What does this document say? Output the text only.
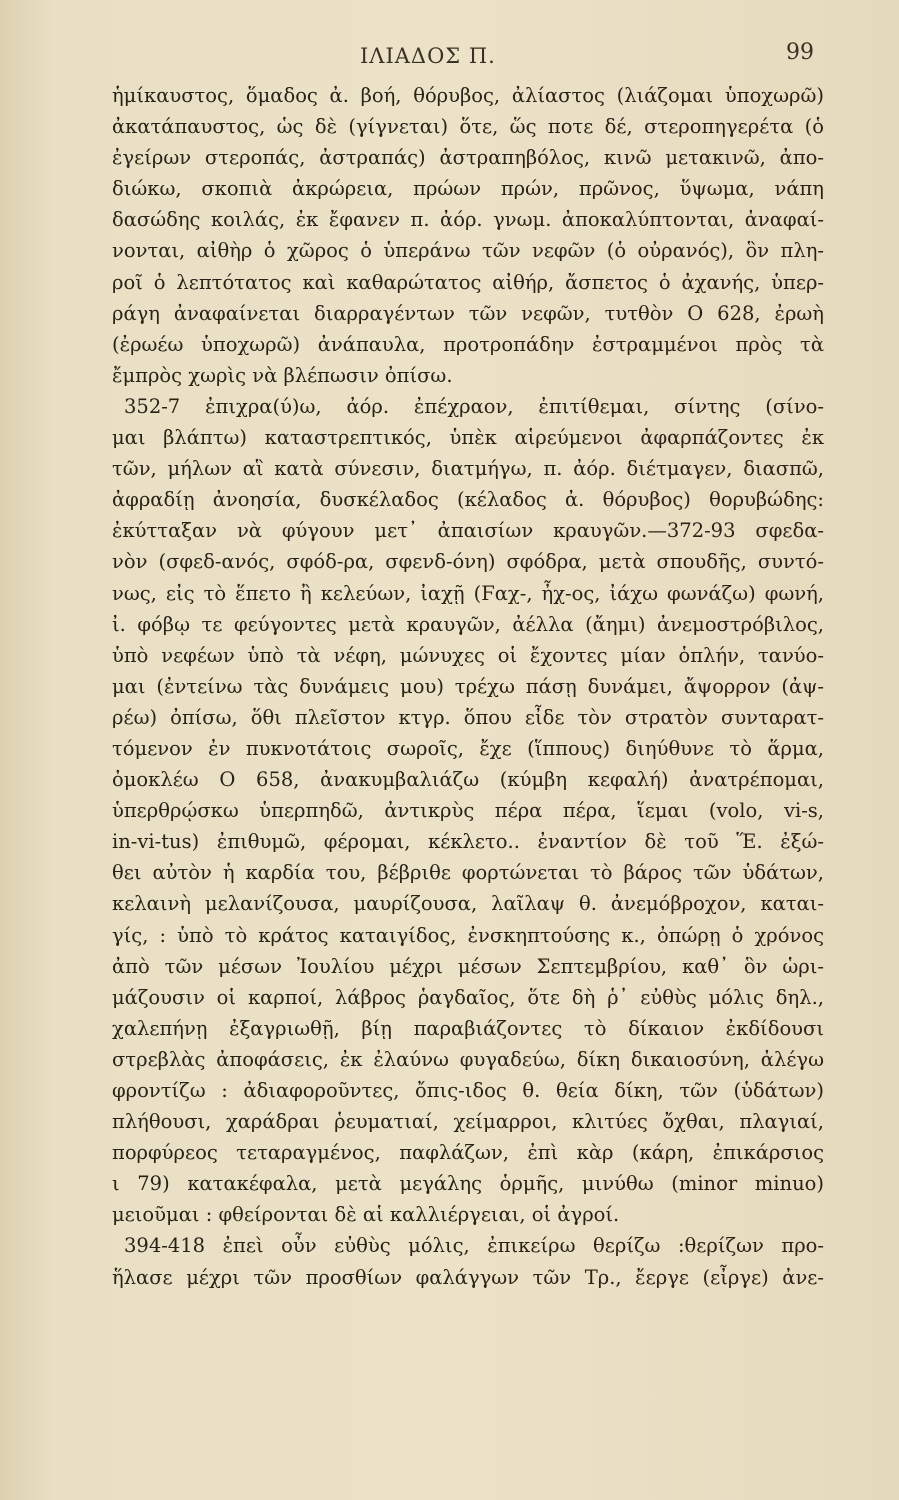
ΙΛΙΑΔΟΣ Π.	99
ἡμίκαυστος, ὅμαδος ἀ. βοή, θόρυβος, ἀλίαστος (λιάζομαι ὑποχωρῶ)
ἀκατάπαυστος, ὡς δὲ (γίγνεται) ὅτε, ὥς ποτε δέ, στεροπηγερέτα (ὁ
ἐγείρων στεροπάς, ἀστραπάς) ἀστραπηβόλος, κινῶ μετακινῶ, ἀπο-
διώκω, σκοπιὰ ἀκρώρεια, πρώων πρών, πρῶνος, ὕψωμα, νάπη
δασώδης κοιλάς, ἐκ ἔφανεν π. ἀόρ. γνωμ. ἀποκαλύπτονται, ἀναφαί-
νονται, αἰθὴρ ὁ χῶρος ὁ ὑπεράνω τῶν νεφῶν (ὁ οὐρανός), ὃν πλη-
ροῖ ὁ λεπτότατος καὶ καθαρώτατος αἰθήρ, ἄσπετος ὁ ἀχανής, ὑπερ-
ράγη ἀναφαίνεται διαρραγέντων τῶν νεφῶν, τυτθὸν Ο 628, ἐρωὴ
(ἐρωέω ὑποχωρῶ) ἀνάπαυλα, προτροπάδην ἐστραμμένοι πρὸς τὰ
ἔμπρὸς χωρὶς νὰ βλέπωσιν ὀπίσω.
352-7 ἐπιχρα(ύ)ω, ἀόρ. ἐπέχραον, ἐπιτίθεμαι, σίντης (σίνο-
μαι βλάπτω) καταστρεπτικός, ὑπὲκ αἱρεύμενοι ἀφαρπάζοντες ἐκ
τῶν, μήλων αἳ κατὰ σύνεσιν, διατμήγω, π. ἀόρ. διέτμαγεν, διασπῶ,
ἀφραδίῃ ἀνοησία, δυσκέλαδος (κέλαδος ἀ. θόρυβος) θορυβώδης:
ἐκύτταξαν νὰ φύγουν μετ᾽ ἀπαισίων κραυγῶν.—372-93 σφεδα-
νὸν (σφεδ-ανός, σφόδ-ρα, σφενδ-όνη) σφόδρα, μετὰ σπουδῆς, συντό-
νως, εἰς τὸ ἕπετο ἢ κελεύων, ἰαχῇ (Ϝαχ-, ἦχ-ος, ἰάχω φωνάζω) φωνή,
ἰ. φόβῳ τε φεύγοντες μετὰ κραυγῶν, ἀέλλα (ἄημι) ἀνεμοστρόβιλος,
ὑπὸ νεφέων ὑπὸ τὰ νέφη, μώνυχες οἱ ἔχοντες μίαν ὁπλήν, τανύο-
μαι (ἐντείνω τὰς δυνάμεις μου) τρέχω πάσῃ δυνάμει, ἄψορρον (ἀψ-
ρέω) ὀπίσω, ὅθι πλεῖστον κτγρ. ὅπου εἶδε τὸν στρατὸν συνταρατ-
τόμενον ἐν πυκνοτάτοις σωροῖς, ἔχε (ἵππους) διηύθυνε τὸ ἅρμα,
ὀμοκλέω Ο 658, ἀνακυμβαλιάζω (κύμβη κεφαλή) ἀνατρέπομαι,
ὑπερθρῴσκω ὑπερπηδῶ, ἀντικρὺς πέρα πέρα, ἵεμαι (volo, vi-s,
in-vi-tus) ἐπιθυμῶ, φέρομαι, κέκλετο.. ἐναντίον δὲ τοῦ Ἕ. ἐξώ-
θει αὐτὸν ἡ καρδία του, βέβριθε φορτώνεται τὸ βάρος τῶν ὑδάτων,
κελαινὴ μελανίζουσα, μαυρίζουσα, λαῖλαψ θ. ἀνεμόβροχον, καται-
γίς, : ὑπὸ τὸ κράτος καταιγίδος, ἐνσκηπτούσης κ., ὀπώρῃ ὁ χρόνος
ἀπὸ τῶν μέσων Ἰουλίου μέχρι μέσων Σεπτεμβρίου, καθ᾽ ὃν ὡρι-
μάζουσιν οἱ καρποί, λάβρος ῥαγδαῖος, ὅτε δὴ ῥ᾽ εὐθὺς μόλις δηλ.,
χαλεπήνῃ ἐξαγριωθῇ, βίῃ παραβιάζοντες τὸ δίκαιον ἐκδίδουσι
στρεβλὰς ἀποφάσεις, ἐκ ἐλαύνω φυγαδεύω, δίκη δικαιοσύνη, ἀλέγω
φροντίζω : ἀδιαφοροῦντες, ὄπις-ιδος θ. θεία δίκη, τῶν (ὑδάτων)
πλήθουσι, χαράδραι ῥευματιαί, χείμαρροι, κλιτύες ὄχθαι, πλαγιαί,
πορφύρεος τεταραγμένος, παφλάζων, ἐπὶ κὰρ (κάρη, ἐπικάρσιος
ι 79) κατακέφαλα, μετὰ μεγάλης ὁρμῆς, μινύθω (minor minuo)
μειοῦμαι : φθείρονται δὲ αἱ καλλιέργειαι, οἱ ἀγροί.
394-418 ἐπεὶ οὖν εὐθὺς μόλις, ἐπικείρω θερίζω :θερίζων προ-
ἥλασε μέχρι τῶν προσθίων φαλάγγων τῶν Τρ., ἔεργε (εἶργε) ἀνε-
